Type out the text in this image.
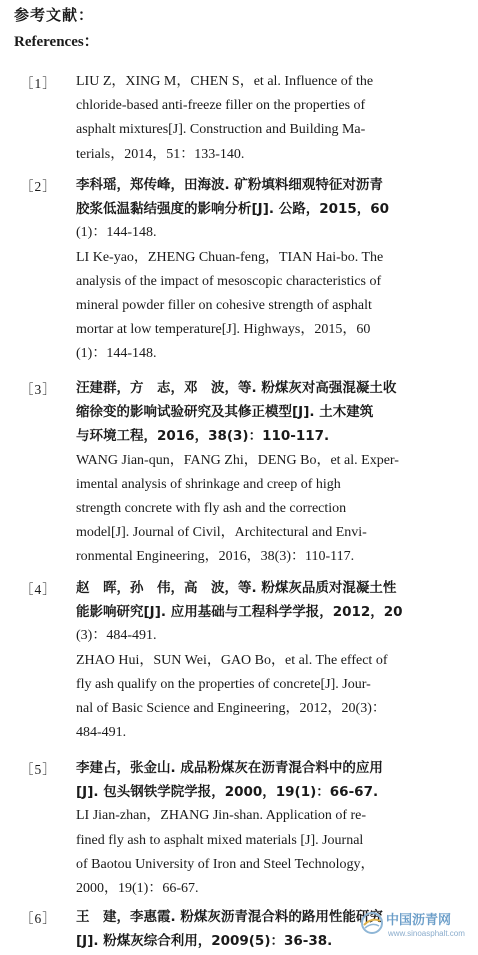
参考文献：
References：
［1］ LIU Z，XING M，CHEN S，et al. Influence of the
chloride-based anti-freeze filler on the properties of
asphalt mixtures[J]. Construction and Building Ma-
terials，2014，51：133-140.
［2］ 李科瑶，郑传峰，田海波. 矿粉填料细观特征对沥青
胶浆低温黏结强度的影响分析[J]. 公路，2015，60
(1)：144-148.
LI Ke-yao，ZHENG Chuan-feng，TIAN Hai-bo. The
analysis of the impact of mesoscopic characteristics of
mineral powder filler on cohesive strength of asphalt
mortar at low temperature[J]. Highways，2015，60
(1)：144-148.
［3］ 汪建群，方　志，邓　波，等. 粉煤灰对高强混凝土收
缩徐变的影响试验研究及其修正模型[J]. 土木建筑
与环境工程，2016，38(3)：110-117.
WANG Jian-qun，FANG Zhi，DENG Bo，et al. Exper-
imental analysis of shrinkage and creep of high
strength concrete with fly ash and the correction
model[J]. Journal of Civil，Architectural and Envi-
ronmental Engineering，2016，38(3)：110-117.
［4］ 赵　晖，孙　伟，高　波，等. 粉煤灰品质对混凝土性
能影响研究[J]. 应用基础与工程科学学报，2012，20
(3)：484-491.
ZHAO Hui，SUN Wei，GAO Bo，et al. The effect of
fly ash qualify on the properties of concrete[J]. Jour-
nal of Basic Science and Engineering，2012，20(3)：
484-491.
［5］ 李建占，张金山. 成品粉煤灰在沥青混合料中的应用
[J]. 包头钢铁学院学报，2000，19(1)：66-67.
LI Jian-zhan，ZHANG Jin-shan. Application of re-
fined fly ash to asphalt mixed materials [J]. Journal
of Baotou University of Iron and Steel Technology，
2000，19(1)：66-67.
［6］ 王　建，李惠霞. 粉煤灰沥青混合料的路用性能研究
[J]. 粉煤灰综合利用，2009(5)：36-38.
中国沥青网
www.sinoasphalt.com
